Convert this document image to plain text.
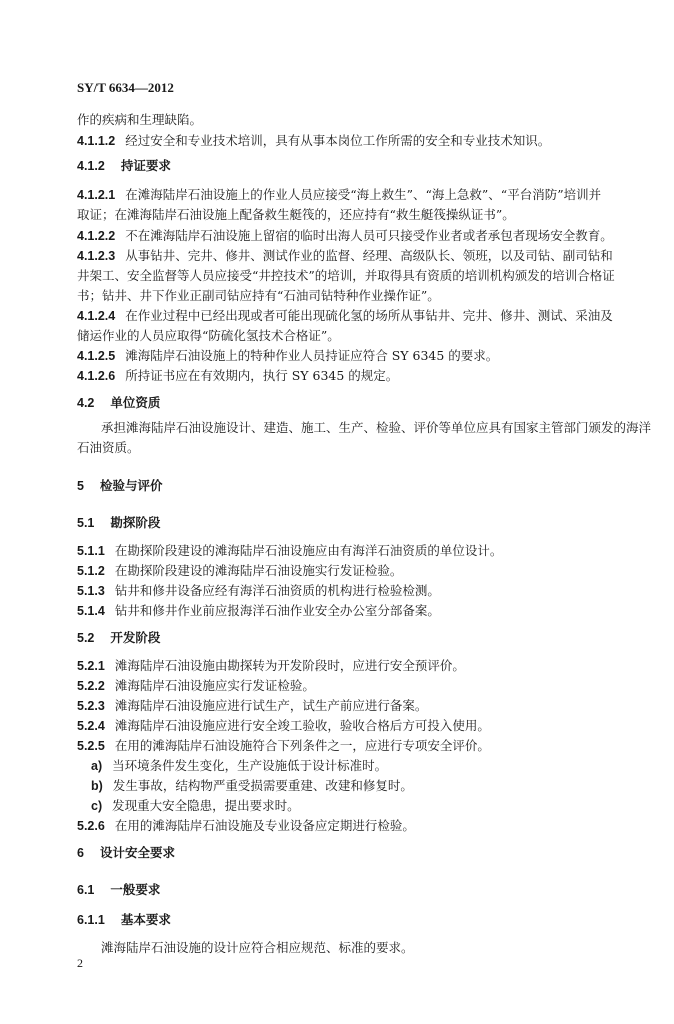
SY/T 6634—2012
作的疾病和生理缺陷。
4.1.1.2 经过安全和专业技术培训，具有从事本岗位工作所需的安全和专业技术知识。
4.1.2 持证要求
4.1.2.1 在滩海陆岸石油设施上的作业人员应接受“海上救生”、“海上急救”、“平台消防”培训并
取证；在滩海陆岸石油设施上配备救生艇筏的，还应持有“救生艇筏操纵证书”。
4.1.2.2 不在滩海陆岸石油设施上留宿的临时出海人员可只接受作业者或者承包者现场安全教育。
4.1.2.3 从事钻井、完井、修井、测试作业的监督、经理、高级队长、领班，以及司钻、副司钻和
井架工、安全监督等人员应接受“井控技术”的培训，并取得具有资质的培训机构颁发的培训合格证
书；钻井、井下作业正副司钻应持有“石油司钻特种作业操作证”。
4.1.2.4 在作业过程中已经出现或者可能出现硫化氢的场所从事钻井、完井、修井、测试、采油及
储运作业的人员应取得“防硫化氢技术合格证”。
4.1.2.5 滩海陆岸石油设施上的特种作业人员持证应符合 SY 6345 的要求。
4.1.2.6 所持证书应在有效期内，执行 SY 6345 的规定。
4.2 单位资质
承担滩海陆岸石油设施设计、建造、施工、生产、检验、评价等单位应具有国家主管部门颁发的海洋
石油资质。
5 检验与评价
5.1 勘探阶段
5.1.1 在勘探阶段建设的滩海陆岸石油设施应由有海洋石油资质的单位设计。
5.1.2 在勘探阶段建设的滩海陆岸石油设施实行发证检验。
5.1.3 钻井和修井设备应经有海洋石油资质的机构进行检验检测。
5.1.4 钻井和修井作业前应报海洋石油作业安全办公室分部备案。
5.2 开发阶段
5.2.1 滩海陆岸石油设施由勘探转为开发阶段时，应进行安全预评价。
5.2.2 滩海陆岸石油设施应实行发证检验。
5.2.3 滩海陆岸石油设施应进行试生产，试生产前应进行备案。
5.2.4 滩海陆岸石油设施应进行安全竣工验收，验收合格后方可投入使用。
5.2.5 在用的滩海陆岸石油设施符合下列条件之一，应进行专项安全评价。
a) 当环境条件发生变化，生产设施低于设计标准时。
b) 发生事故，结构物严重受损需要重建、改建和修复时。
c) 发现重大安全隐患，提出要求时。
5.2.6 在用的滩海陆岸石油设施及专业设备应定期进行检验。
6 设计安全要求
6.1 一般要求
6.1.1 基本要求
滩海陆岸石油设施的设计应符合相应规范、标准的要求。
2
